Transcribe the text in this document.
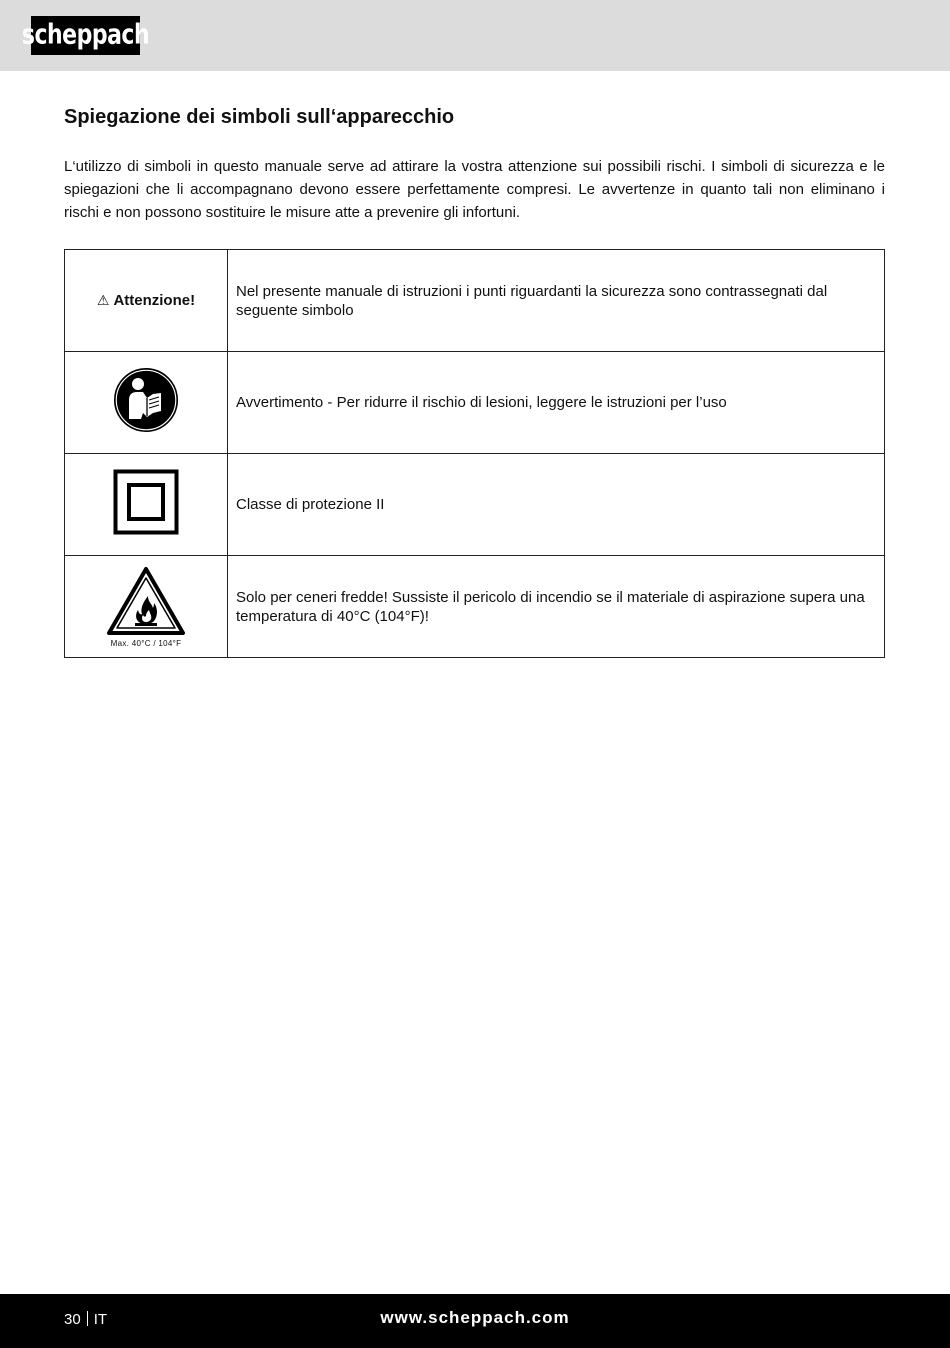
scheppach
Spiegazione dei simboli sull‘apparecchio

L‘utilizzo di simboli in questo manuale serve ad attirare la vostra attenzione sui possibili rischi. I simboli di sicurezza e le spiegazioni che li accompagnano devono essere perfettamente compresi. Le avvertenze in quanto tali non eliminano i rischi e non possono sostituire le misure atte a prevenire gli infortuni.

⚠ Attenzione!	Nel presente manuale di istruzioni i punti riguardanti la sicurezza sono contrassegnati dal seguente simbolo
	Avvertimento - Per ridurre il rischio di lesioni, leggere le istruzioni per l’uso
	Classe di protezione II

Max. 40°C / 104°F	Solo per ceneri fredde! Sussiste il pericolo di incendio se il materiale di aspirazione supera una temperatura di 40°C (104°F)!
30 IT	www.scheppach.com
